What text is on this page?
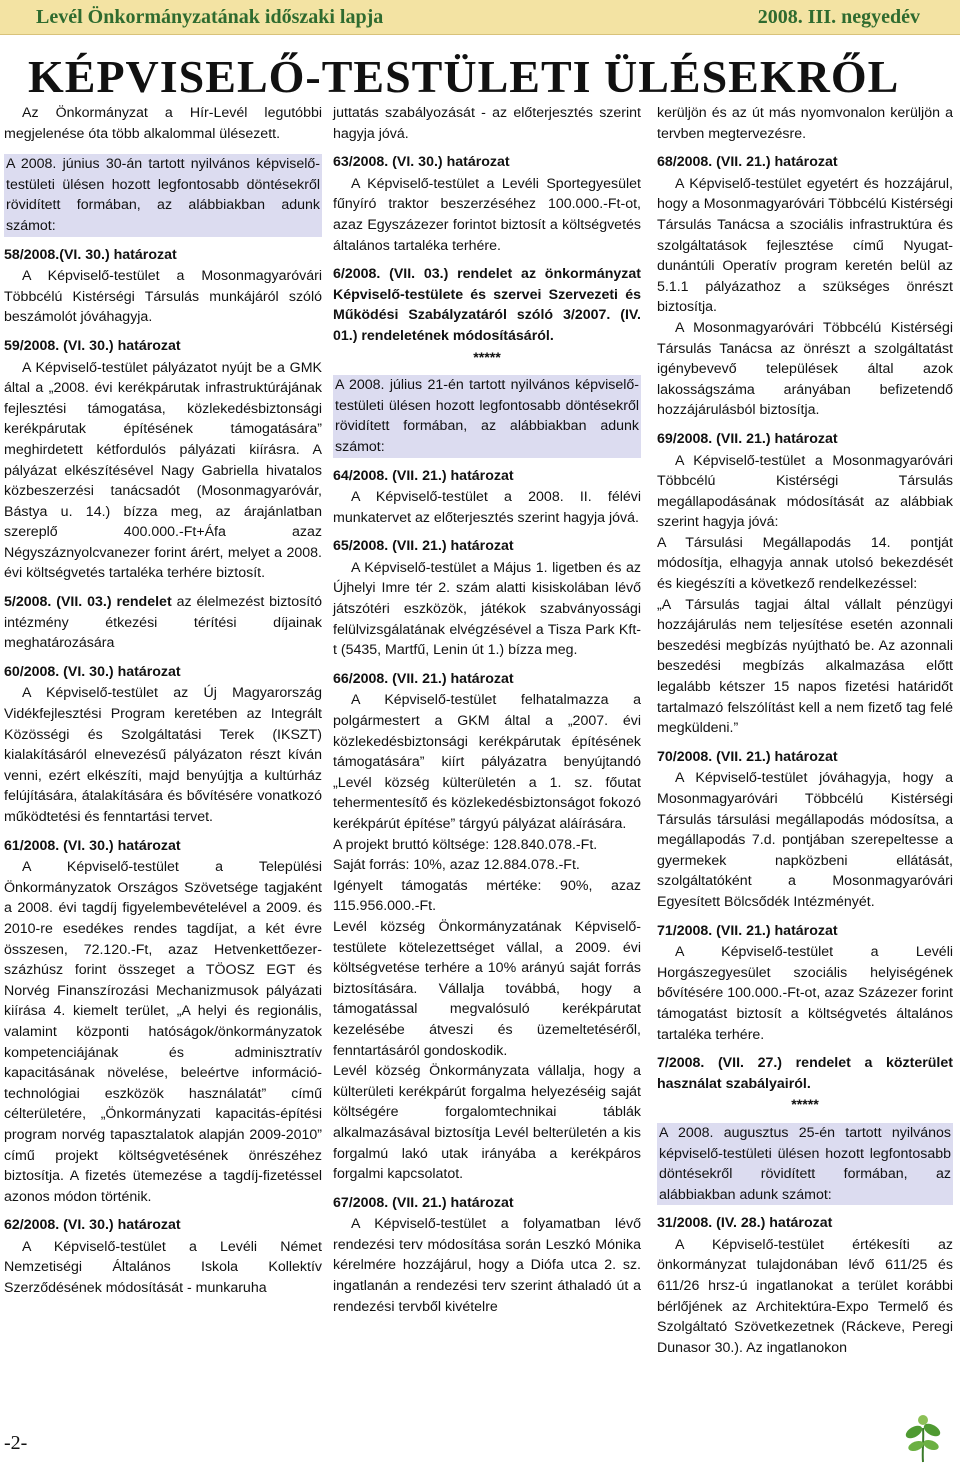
Levél Önkormányzatának időszaki lapja	2008. III. negyedév
KÉPVISELŐ-TESTÜLETI ÜLÉSEKRŐL

Az Önkormányzat a Hír-Levél legutóbbi megjelenése óta több alkalommal ülésezett.

A 2008. június 30-án tartott nyilvános képviselő-testületi ülésen hozott legfontosabb döntésekről rövidített formában, az alábbiakban adunk számot:

58/2008.(VI. 30.) határozat

A Képviselő-testület a Mosonmagyaróvári Többcélú Kistérségi Társulás munkájáról szóló beszámolót jóváhagyja.

59/2008. (VI. 30.) határozat

A Képviselő-testület pályázatot nyújt be a GMK által a „2008. évi kerékpárutak infrastruktúrájának fejlesztési támogatása, közlekedésbiztonsági kerékpárutak építésének támogatására” meghirdetett kétfordulós pályázati kiírásra. A pályázat elkészítésével Nagy Gabriella hivatalos közbeszerzési tanácsadót (Mosonmagyaróvár, Bástya u. 14.) bízza meg, az árajánlatban szereplő 400.000.-Ft+Áfa azaz Négyszáznyolcvanezer forint árért, melyet a 2008. évi költségvetés tartaléka terhére biztosít.

5/2008. (VII. 03.) rendelet az élelmezést biztosító intézmény étkezési térítési díjainak meghatározására

60/2008. (VI. 30.) határozat

A Képviselő-testület az Új Magyarország Vidékfejlesztési Program keretében az Integrált Közösségi és Szolgáltatási Terek (IKSZT) kialakításáról elnevezésű pályázaton részt kíván venni, ezért elkészíti, majd benyújtja a kultúrház felújítására, átalakítására és bővítésére vonatkozó működtetési és fenntartási tervet.

61/2008. (VI. 30.) határozat

A Képviselő-testület a Települési Önkormányzatok Országos Szövetsége tagjaként a 2008. évi tagdíj figyelembevételével a 2009. és 2010-re esedékes rendes tagdíjat, a két évre összesen, 72.120.-Ft, azaz Hetvenkettőezer-százhúsz forint összeget a TÖOSZ EGT és Norvég Finanszírozási Mechanizmusok pályázati kiírása 4. kiemelt terület, „A helyi és regionális, valamint központi hatóságok/önkormányzatok kompetenciájának és adminisztratív kapacitásának növelése, beleértve információ-technológiai eszközök használatát” című célterületére, „Önkormányzati kapacitás-építési program norvég tapasztalatok alapján 2009-2010” című projekt költségvetésének önrészéhez biztosítja. A fizetés ütemezése a tagdíj-fizetéssel azonos módon történik.

62/2008. (VI. 30.) határozat

A Képviselő-testület a Levéli Német Nemzetiségi Általános Iskola Kollektív Szerződésének módosítását - munkaruha

juttatás szabályozását - az előterjesztés szerint hagyja jóvá.

63/2008. (VI. 30.) határozat

A Képviselő-testület a Levéli Sportegyesület fűnyíró traktor beszerzéséhez 100.000.-Ft-ot, azaz Egyszázezer forintot biztosít a költségvetés általános tartaléka terhére.

6/2008. (VII. 03.) rendelet az önkormányzat Képviselő-testülete és szervei Szervezeti és Működési Szabályzatáról szóló 3/2007. (IV. 01.) rendeletének módosításáról.

*****

A 2008. július 21-én tartott nyilvános képviselő-testületi ülésen hozott legfontosabb döntésekről rövidített formában, az alábbiakban adunk számot:

64/2008. (VII. 21.) határozat

A Képviselő-testület a 2008. II. félévi munkatervet az előterjesztés szerint hagyja jóvá.

65/2008. (VII. 21.) határozat

A Képviselő-testület a Május 1. ligetben és az Újhelyi Imre tér 2. szám alatti kisiskolában lévő játszótéri eszközök, játékok szabványossági felülvizsgálatának elvégzésével a Tisza Park Kft-t (5435, Martfű, Lenin út 1.) bízza meg.

66/2008. (VII. 21.) határozat

A Képviselő-testület felhatalmazza a polgármestert a GKM által a „2007. évi közlekedésbiztonsági kerékpárutak építésének támogatására” kiírt pályázatra benyújtandó „Levél község külterületén a 1. sz. főutat tehermentesítő és közlekedésbiztonságot fokozó kerékpárút építése” tárgyú pályázat aláírására.

A projekt bruttó költsége: 128.840.078.-Ft.

Saját forrás: 10%, azaz 12.884.078.-Ft.

Igényelt támogatás mértéke: 90%, azaz 115.956.000.-Ft.

Levél község Önkormányzatának Képviselő-testülete kötelezettséget vállal, a 2009. évi költségvetése terhére a 10% arányú saját forrás biztosítására. Vállalja továbbá, hogy a támogatással megvalósuló kerékpárutat kezelésébe átveszi és üzemeltetéséről, fenntartásáról gondoskodik.

Levél község Önkormányzata vállalja, hogy a külterületi kerékpárút forgalma helyezéséig saját költségére forgalomtechnikai táblák alkalmazásával biztosítja Levél belterületén a kis forgalmú lakó utak irányába a kerékpáros forgalmi kapcsolatot.

67/2008. (VII. 21.) határozat

A Képviselő-testület a folyamatban lévő rendezési terv módosítása során Leszkó Mónika kérelmére hozzájárul, hogy a Diófa utca 2. sz. ingatlanán a rendezési terv szerint áthaladó út a rendezési tervből kivételre

kerüljön és az út más nyomvonalon kerüljön a tervben megtervezésre.

68/2008. (VII. 21.) határozat

A Képviselő-testület egyetért és hozzájárul, hogy a Mosonmagyaróvári Többcélú Kistérségi Társulás Tanácsa a szociális infrastruktúra és szolgáltatások fejlesztése című Nyugat-dunántúli Operatív program keretén belül az 5.1.1 pályázathoz a szükséges önrészt biztosítja.

A Mosonmagyaróvári Többcélú Kistérségi Társulás Tanácsa az önrészt a szolgáltatást igénybevevő települések által azok lakosságszáma arányában befizetendő hozzájárulásból biztosítja.

69/2008. (VII. 21.) határozat

A Képviselő-testület a Mosonmagyaróvári Többcélú Kistérségi Társulás megállapodásának módosítását az alábbiak szerint hagyja jóvá:

A Társulási Megállapodás 14. pontját módosítja, elhagyja annak utolsó bekezdését és kiegészíti a következő rendelkezéssel:

„A Társulás tagjai által vállalt pénzügyi hozzájárulás nem teljesítése esetén azonnali beszedési megbízás nyújtható be. Az azonnali beszedési megbízás alkalmazása előtt legalább kétszer 15 napos fizetési határidőt tartalmazó felszólítást kell a nem fizető tag felé megküldeni.”

70/2008. (VII. 21.) határozat

A Képviselő-testület jóváhagyja, hogy a Mosonmagyaróvári Többcélú Kistérségi Társulás társulási megállapodás módosítsa, a megállapodás 7.d. pontjában szerepeltesse a gyermekek napközbeni ellátását, szolgáltatóként a Mosonmagyaróvári Egyesített Bölcsődék Intézményét.

71/2008. (VII. 21.) határozat

A Képviselő-testület a Levéli Horgászegyesület szociális helyiségének bővítésére 100.000.-Ft-ot, azaz Százezer forint támogatást biztosít a költségvetés általános tartaléka terhére.

7/2008. (VII. 27.) rendelet a közterület használat szabályairól.

*****

A 2008. augusztus 25-én tartott nyilvános képviselő-testületi ülésen hozott legfontosabb döntésekről rövidített formában, az alábbiakban adunk számot:

31/2008. (IV. 28.) határozat

A Képviselő-testület értékesíti az önkormányzat tulajdonában lévő 611/25 és 611/26 hrsz-ú ingatlanokat a terület korábbi bérlőjének az Architektúra-Expo Termelő és Szolgáltató Szövetkezetnek (Ráckeve, Peregi Dunasor 30.). Az ingatlanokon

-2-
